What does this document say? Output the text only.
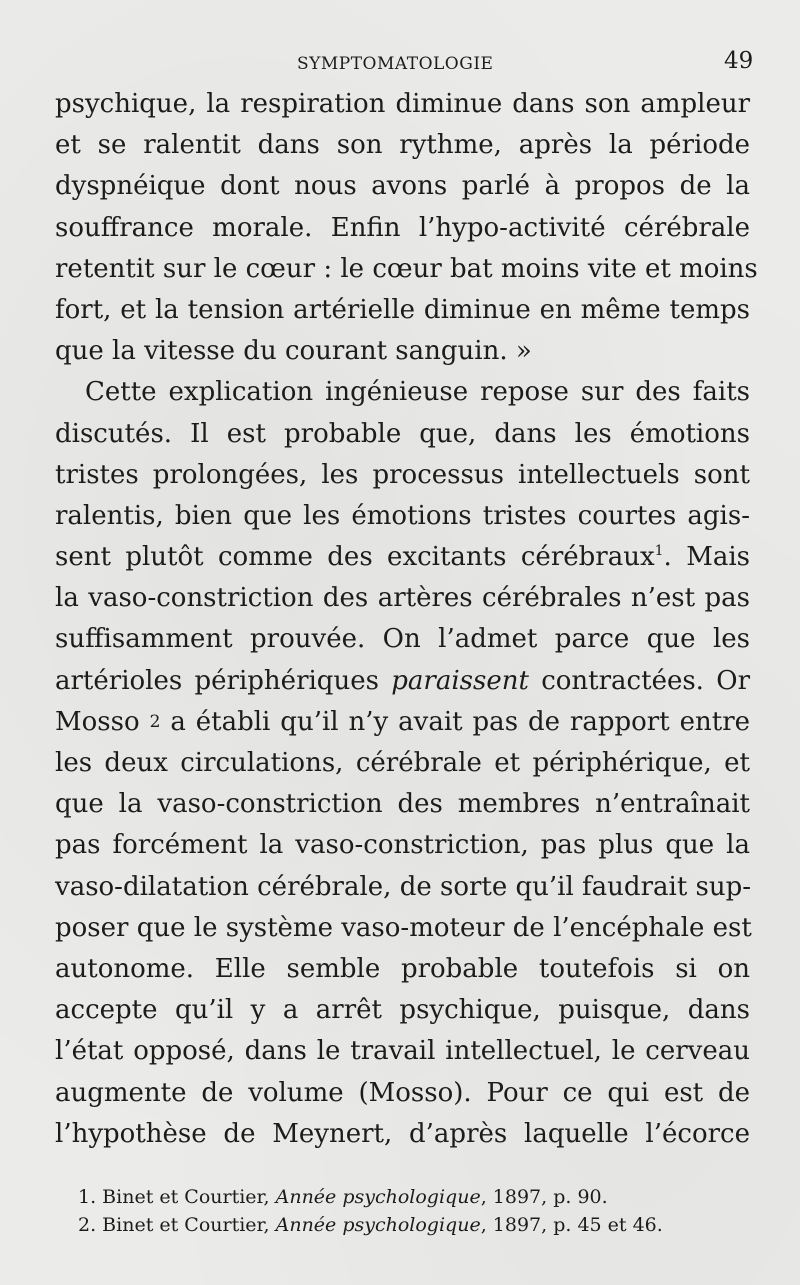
SYMPTOMATOLOGIE	49
psychique, la respiration diminue dans son ampleur
et se ralentit dans son rythme, après la période
dyspnéique dont nous avons parlé à propos de la
souffrance morale. Enfin l’hypo-activité cérébrale
retentit sur le cœur : le cœur bat moins vite et moins
fort, et la tension artérielle diminue en même temps
que la vitesse du courant sanguin. »
Cette explication ingénieuse repose sur des faits
discutés. Il est probable que, dans les émotions
tristes prolongées, les processus intellectuels sont
ralentis, bien que les émotions tristes courtes agis-
sent plutôt comme des excitants cérébraux$^1$. Mais
la vaso-constriction des artères cérébrales n’est pas
suffisamment prouvée. On l’admet parce que les
artérioles périphériques paraissent contractées. Or
Mosso 2 a établi qu’il n’y avait pas de rapport entre
les deux circulations, cérébrale et périphérique, et
que la vaso-constriction des membres n’entraînait
pas forcément la vaso-constriction, pas plus que la
vaso-dilatation cérébrale, de sorte qu’il faudrait sup-
poser que le système vaso-moteur de l’encéphale est
autonome. Elle semble probable toutefois si on
accepte qu’il y a arrêt psychique, puisque, dans
l’état opposé, dans le travail intellectuel, le cerveau
augmente de volume (Mosso). Pour ce qui est de
l’hypothèse de Meynert, d’après laquelle l’écorce
1. Binet et Courtier, Année psychologique, 1897, p. 90.
2. Binet et Courtier, Année psychologique, 1897, p. 45 et 46.
